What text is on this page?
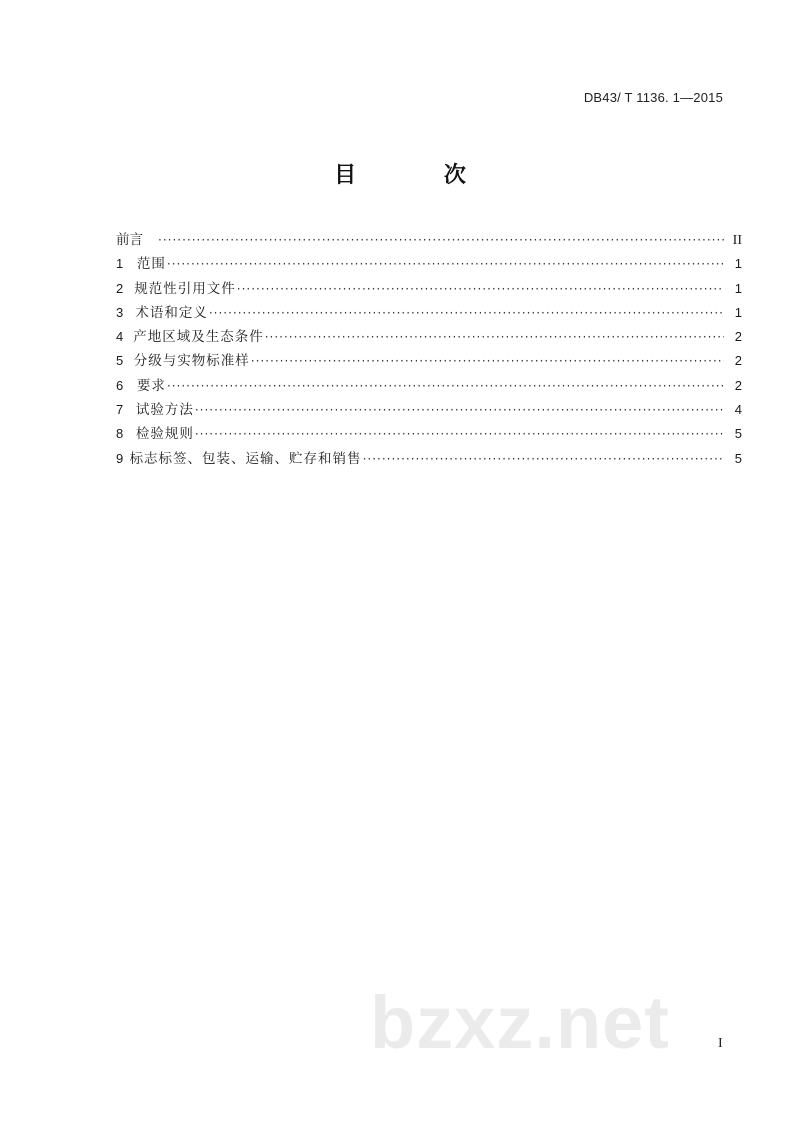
DB43/ T 1136. 1—2015
目 次
前言 ·····	II
1	范围 ·····	1
2 规范性引用文件 ·····	1
3 术语和定义 ·····	1
4 产地区域及生态条件 ·····	2
5 分级与实物标准样 ·····	2
6	要求 ·····	2
7 试验方法 ·····	4
8 检验规则 ·····	5
9 标志标签、包装、运输、贮存和销售 ·····	5
bzxz.net	I
